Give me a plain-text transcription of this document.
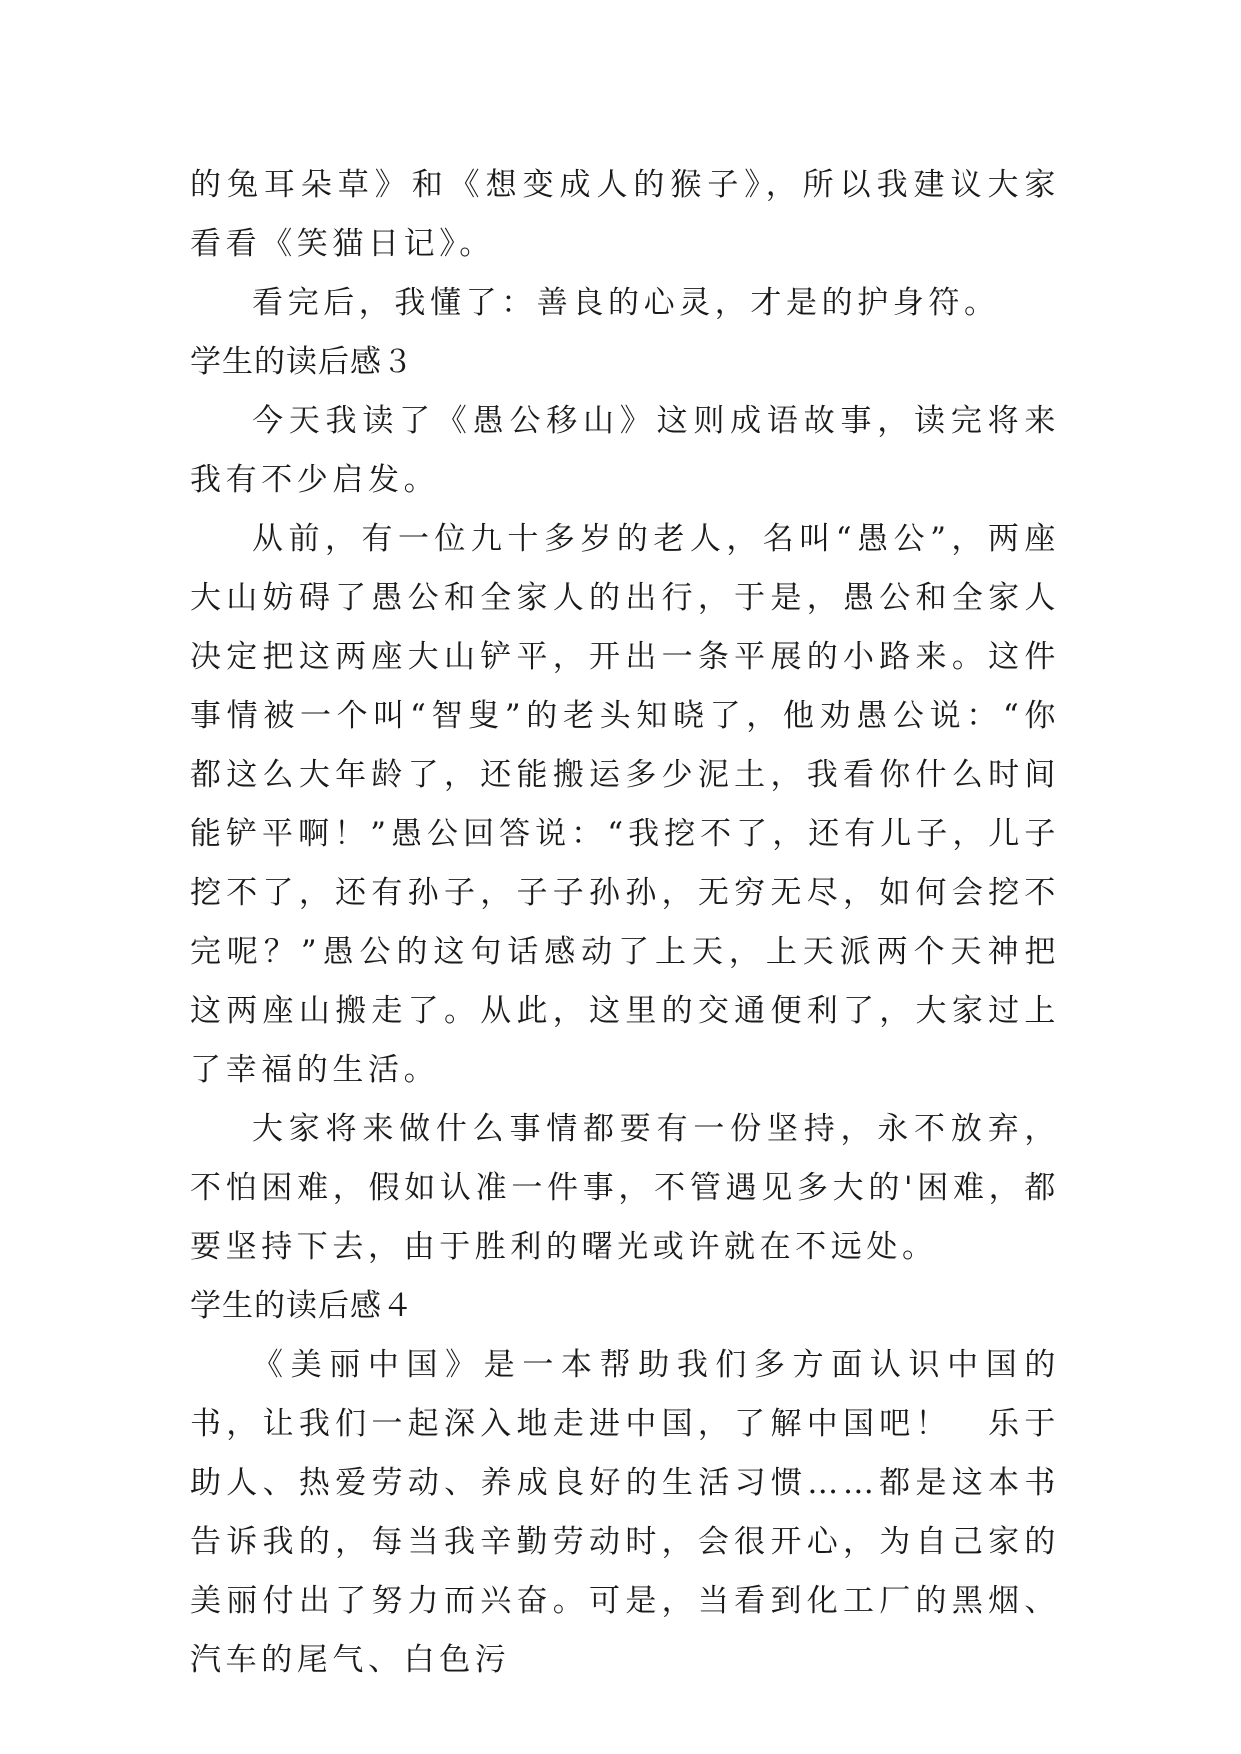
的兔耳朵草》和《想变成人的猴子》，所以我建议大家看看《笑猫日记》。

看完后，我懂了：善良的心灵，才是的护身符。

学生的读后感３

今天我读了《愚公移山》这则成语故事，读完将来我有不少启发。

从前，有一位九十多岁的老人，名叫“愚公”，两座大山妨碍了愚公和全家人的出行，于是，愚公和全家人决定把这两座大山铲平，开出一条平展的小路来。这件事情被一个叫“智叟”的老头知晓了，他劝愚公说：“你都这么大年龄了，还能搬运多少泥土，我看你什么时间能铲平啊！”愚公回答说：“我挖不了，还有儿子，儿子挖不了，还有孙子，子子孙孙，无穷无尽，如何会挖不完呢？”愚公的这句话感动了上天，上天派两个天神把这两座山搬走了。从此，这里的交通便利了，大家过上了幸福的生活。

大家将来做什么事情都要有一份坚持，永不放弃，不怕困难，假如认准一件事，不管遇见多大的'困难，都要坚持下去，由于胜利的曙光或许就在不远处。

学生的读后感４

《美丽中国》是一本帮助我们多方面认识中国的书，让我们一起深入地走进中国，了解中国吧！　乐于助人、热爱劳动、养成良好的生活习惯……都是这本书告诉我的，每当我辛勤劳动时，会很开心，为自己家的美丽付出了努力而兴奋。可是，当看到化工厂的黑烟、汽车的尾气、白色污
